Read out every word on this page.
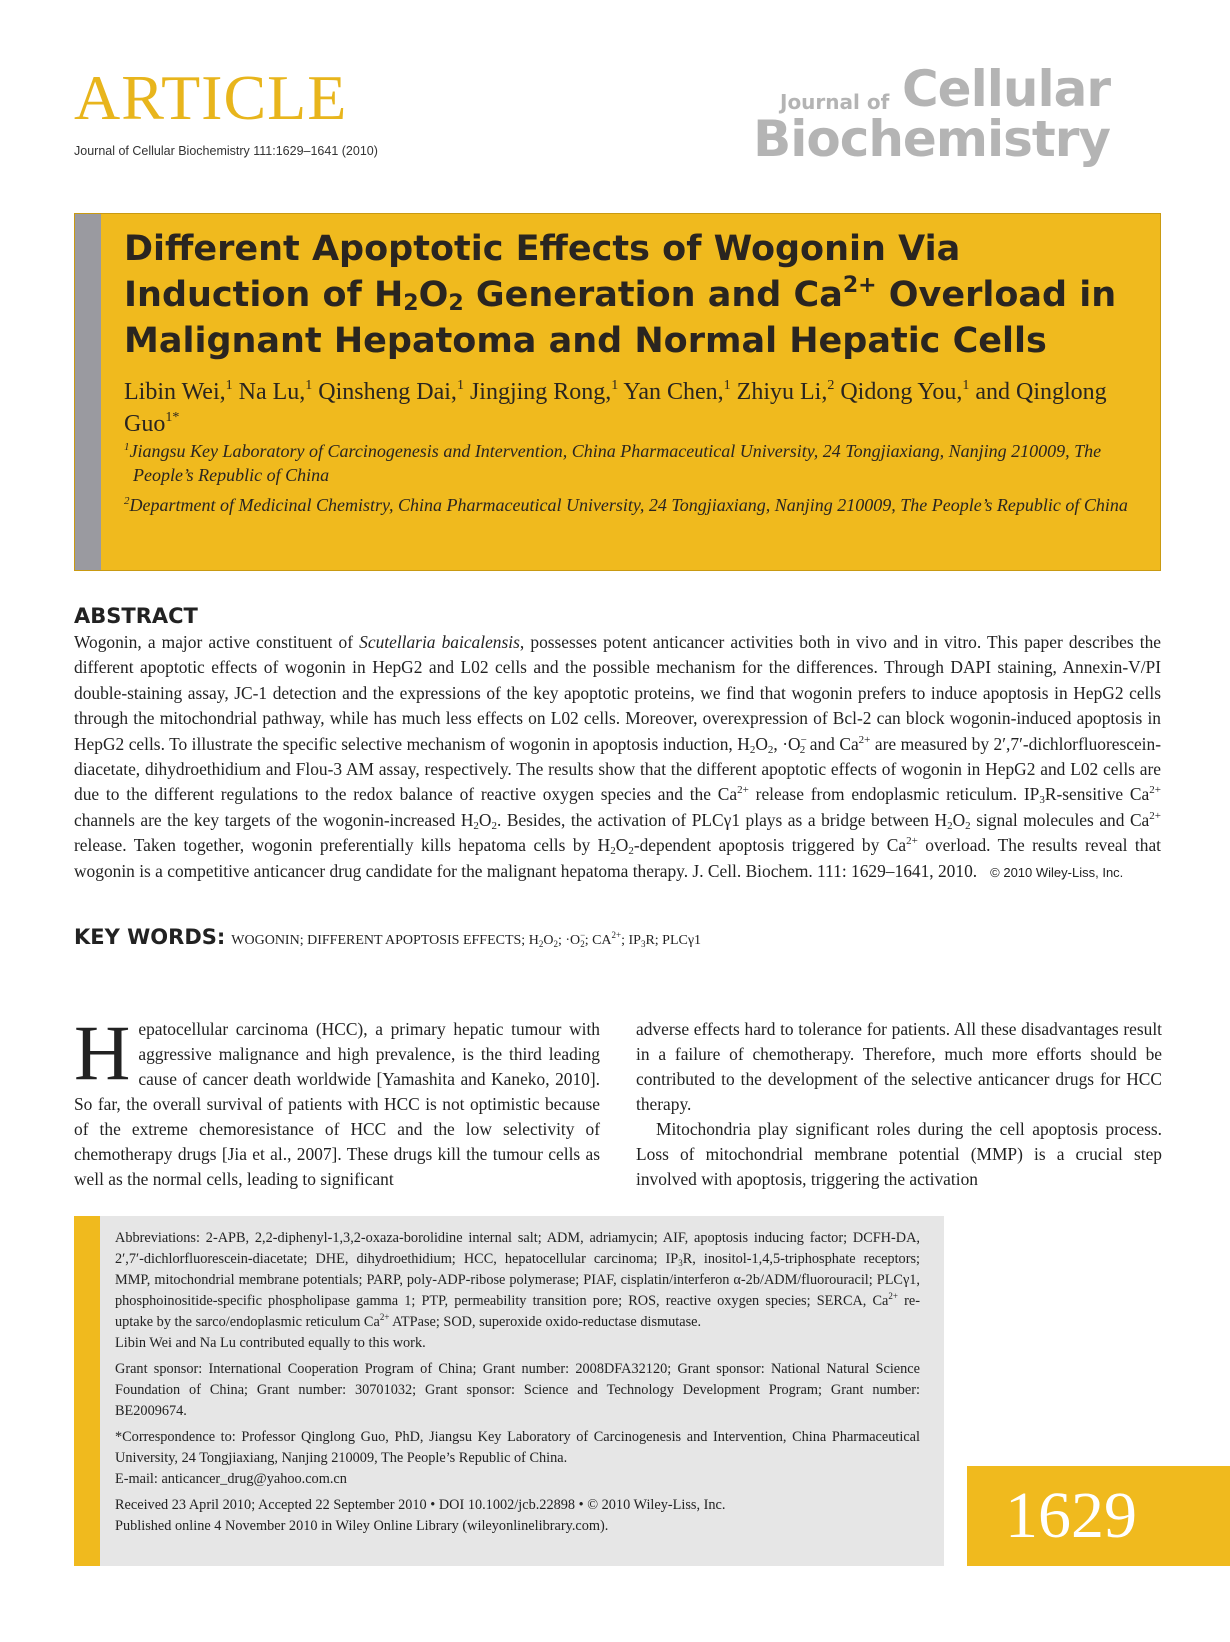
ARTICLE
Journal of Cellular Biochemistry 111:1629–1641 (2010)
Journal of Cellular
Biochemistry
Different Apoptotic Effects of Wogonin Via Induction of $H_2O_2$ Generation and $Ca^{2+}$ Overload in Malignant Hepatoma and Normal Hepatic Cells
Libin Wei,$^1$ Na Lu,$^1$ Qinsheng Dai,$^1$ Jingjing Rong,$^1$ Yan Chen,$^1$ Zhiyu Li,$^2$ Qidong You,$^1$ and Qinglong Guo$^{1*}$
$^1$Jiangsu Key Laboratory of Carcinogenesis and Intervention, China Pharmaceutical University, 24 Tongjiaxiang, Nanjing 210009, The People’s Republic of China
$^2$Department of Medicinal Chemistry, China Pharmaceutical University, 24 Tongjiaxiang, Nanjing 210009, The People’s Republic of China
ABSTRACT
Wogonin, a major active constituent of Scutellaria baicalensis, possesses potent anticancer activities both in vivo and in vitro. This paper describes the different apoptotic effects of wogonin in HepG2 and L02 cells and the possible mechanism for the differences. Through DAPI staining, Annexin-V/PI double-staining assay, JC-1 detection and the expressions of the key apoptotic proteins, we find that wogonin prefers to induce apoptosis in HepG2 cells through the mitochondrial pathway, while has much less effects on L02 cells. Moreover, overexpression of Bcl-2 can block wogonin-induced apoptosis in HepG2 cells. To illustrate the specific selective mechanism of wogonin in apoptosis induction, $H_2O_2$, $\cdot O^-_2$ and $Ca^{2+}$ are measured by 2′,7′-dichlorfluorescein-diacetate, dihydroethidium and Flou-3 AM assay, respectively. The results show that the different apoptotic effects of wogonin in HepG2 and L02 cells are due to the different regulations to the redox balance of reactive oxygen species and the $Ca^{2+}$ release from endoplasmic reticulum. $IP_3R$-sensitive $Ca^{2+}$ channels are the key targets of the wogonin-increased $H_2O_2$. Besides, the activation of PLCγ1 plays as a bridge between $H_2O_2$ signal molecules and $Ca^{2+}$ release. Taken together, wogonin preferentially kills hepatoma cells by $H_2O_2$-dependent apoptosis triggered by $Ca^{2+}$ overload. The results reveal that wogonin is a competitive anticancer drug candidate for the malignant hepatoma therapy. J. Cell. Biochem. 111: 1629–1641, 2010. © 2010 Wiley-Liss, Inc.
KEY WORDS: WOGONIN; DIFFERENT APOPTOSIS EFFECTS; $H_2O_2$; $\cdot O^-_2$; $CA^{2+}$; $IP_3R$; PLCγ1

Hepatocellular carcinoma (HCC), a primary hepatic tumour with aggressive malignance and high prevalence, is the third leading cause of cancer death worldwide [Yamashita and Kaneko, 2010]. So far, the overall survival of patients with HCC is not optimistic because of the extreme chemoresistance of HCC and the low selectivity of chemotherapy drugs [Jia et al., 2007]. These drugs kill the tumour cells as well as the normal cells, leading to significant

adverse effects hard to tolerance for patients. All these disadvantages result in a failure of chemotherapy. Therefore, much more efforts should be contributed to the development of the selective anticancer drugs for HCC therapy.

Mitochondria play significant roles during the cell apoptosis process. Loss of mitochondrial membrane potential (MMP) is a crucial step involved with apoptosis, triggering the activation

Abbreviations: 2-APB, 2,2-diphenyl-1,3,2-oxaza-borolidine internal salt; ADM, adriamycin; AIF, apoptosis inducing factor; DCFH-DA, 2′,7′-dichlorfluorescein-diacetate; DHE, dihydroethidium; HCC, hepatocellular carcinoma; $IP_3R$, inositol-1,4,5-triphosphate receptors; MMP, mitochondrial membrane potentials; PARP, poly-ADP-ribose polymerase; PIAF, cisplatin/interferon α-2b/ADM/fluorouracil; PLCγ1, phosphoinositide-specific phospholipase gamma 1; PTP, permeability transition pore; ROS, reactive oxygen species; SERCA, $Ca^{2+}$ re-uptake by the sarco/endoplasmic reticulum $Ca^{2+}$ ATPase; SOD, superoxide oxido-reductase dismutase.

Libin Wei and Na Lu contributed equally to this work.

Grant sponsor: International Cooperation Program of China; Grant number: 2008DFA32120; Grant sponsor: National Natural Science Foundation of China; Grant number: 30701032; Grant sponsor: Science and Technology Development Program; Grant number: BE2009674.

*Correspondence to: Professor Qinglong Guo, PhD, Jiangsu Key Laboratory of Carcinogenesis and Intervention, China Pharmaceutical University, 24 Tongjiaxiang, Nanjing 210009, The People’s Republic of China.

E-mail: anticancer_drug@yahoo.com.cn

Received 23 April 2010; Accepted 22 September 2010 • DOI 10.1002/jcb.22898 • © 2010 Wiley-Liss, Inc.

Published online 4 November 2010 in Wiley Online Library (wileyonlinelibrary.com).	1629
